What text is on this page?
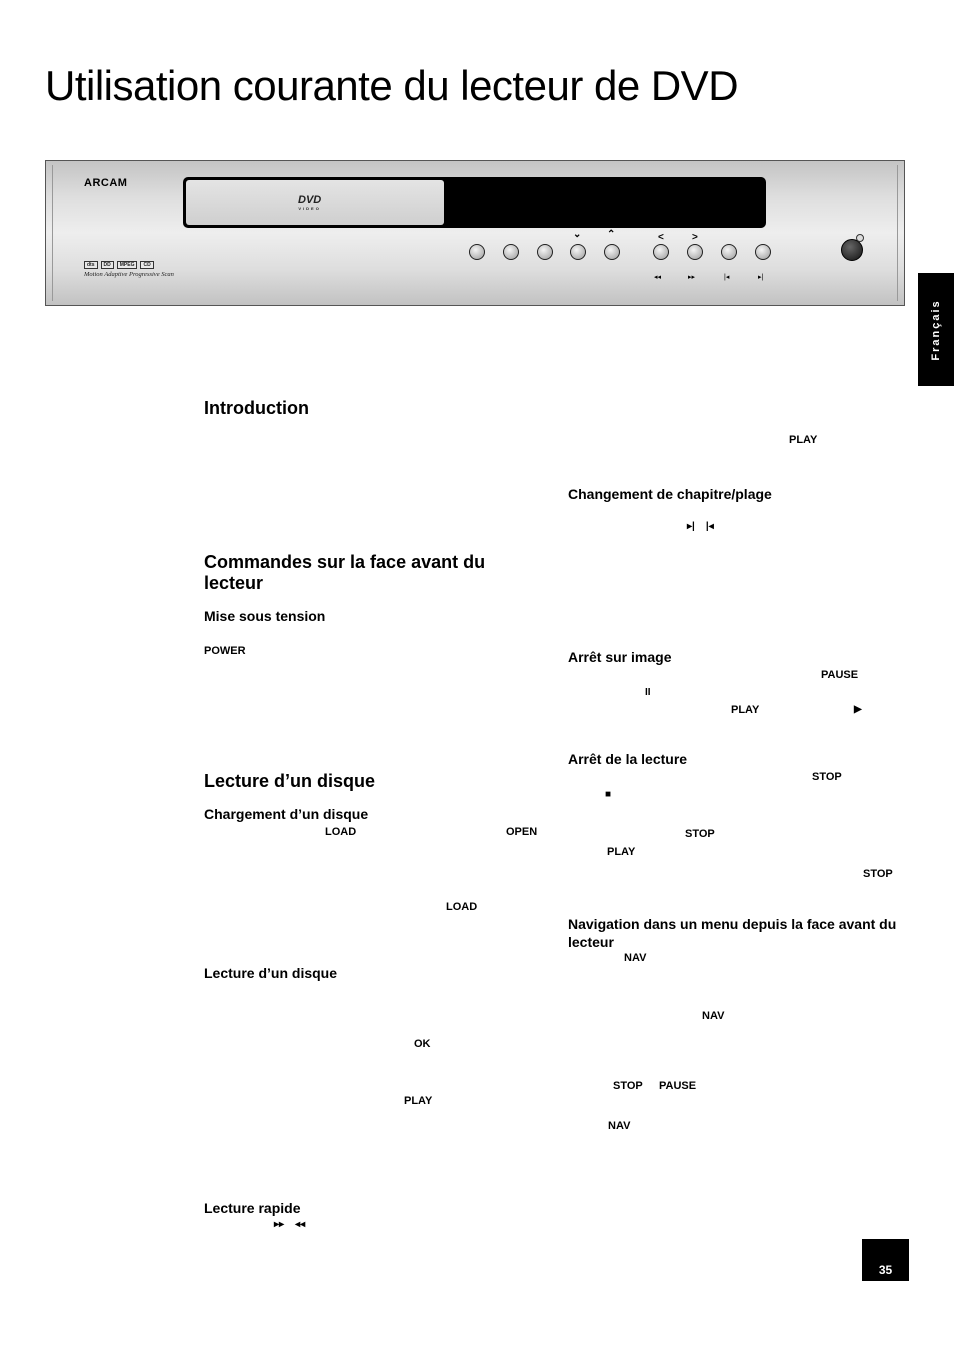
Utilisation courante du lecteur de DVD
ARCAM
DVD
VIDEO
⌄	⌃	<	>
◂◂	▸▸	|◂	▸|
dts	DD	MPEG	CD
Motion Adaptive Progressive Scan
Français
Introduction
Commandes sur la face avant du lecteur
Mise sous tension
POWER
Lecture d’un disque
Chargement d’un disque
LOAD	OPEN
LOAD
Lecture d’un disque
OK
PLAY
Lecture rapide
▸▸    ◂◂
PLAY
Changement de chapitre/plage
▸|    |◂
Arrêt sur image
PAUSE
II
PLAY	▶
Arrêt de la lecture
STOP
■
STOP
PLAY
STOP
Navigation dans un menu depuis la face avant du lecteur
NAV
NAV
STOP PAUSE
NAV
35
